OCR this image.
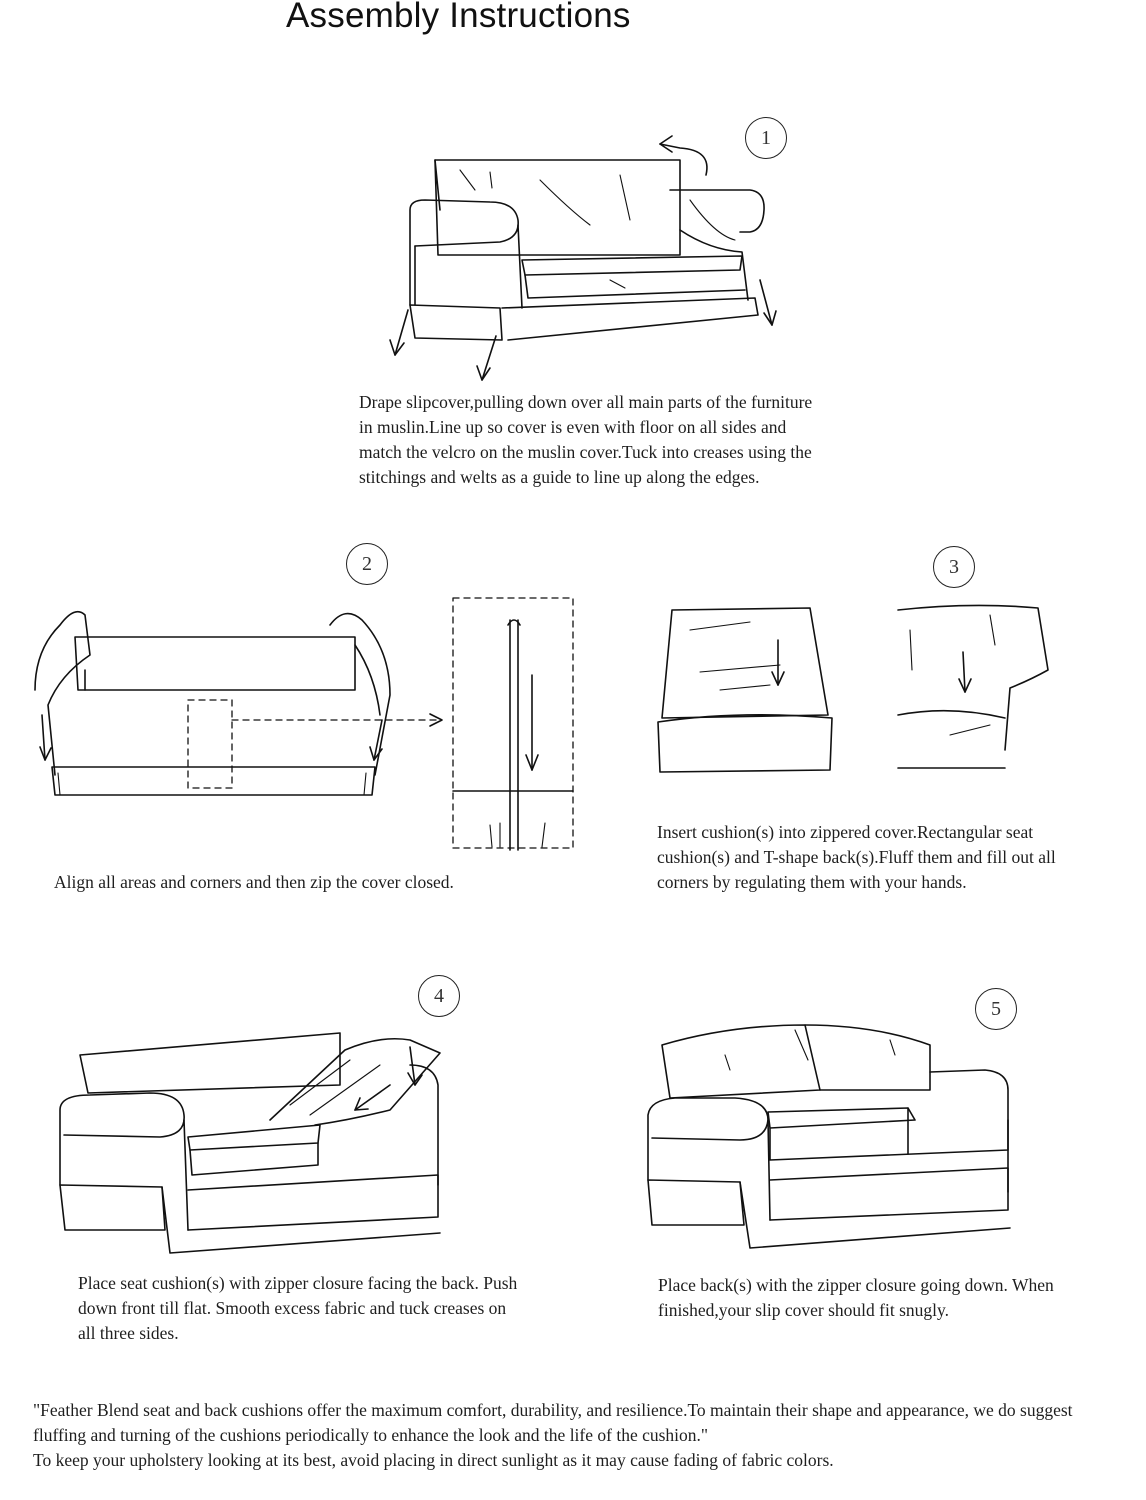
Assembly Instructions
1
Drape slipcover,pulling down over all main parts of the furniture in muslin.Line up so cover is even with floor on all sides and match the velcro on the muslin cover.Tuck into creases using the stitchings and welts as a guide to line up along the edges.
2
Align all areas and corners and then zip the cover closed.
3
Insert cushion(s) into zippered cover.Rectangular seat cushion(s) and T-shape back(s).Fluff them and fill out all corners by regulating them with your hands.
4
Place seat cushion(s) with zipper closure facing the back. Push down front till flat. Smooth excess fabric and tuck creases on all three sides.
5
Place back(s) with the zipper closure going down. When finished,your slip cover should fit snugly.
"Feather Blend seat and back cushions offer the maximum comfort, durability, and resilience.To maintain their shape and appearance, we do suggest fluffing and turning of the cushions periodically to enhance the look and the life of the cushion."
To keep your upholstery looking at its best, avoid placing in direct sunlight as it may cause fading of fabric colors.
